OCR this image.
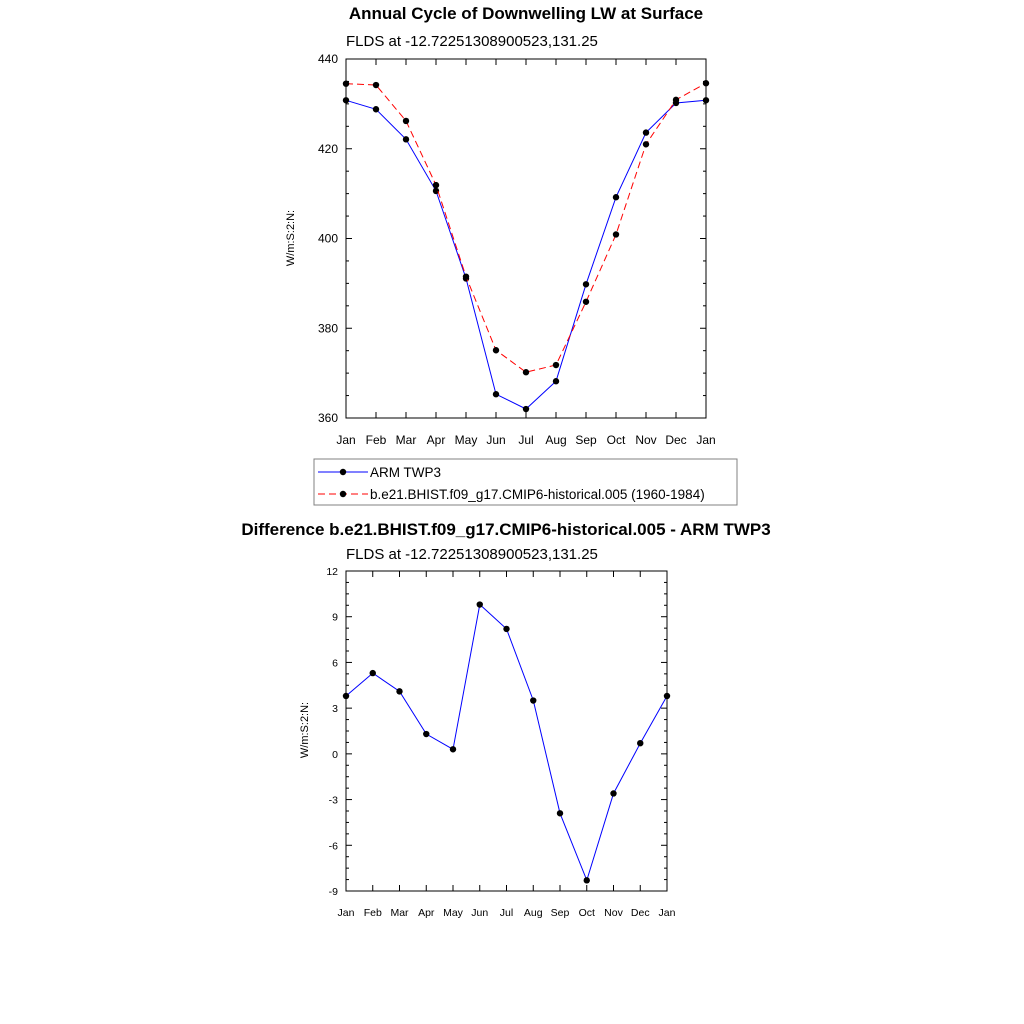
Annual Cycle of Downwelling LW at Surface
FLDS at -12.72251308900523,131.25
W/m:S:2:N:
Difference b.e21.BHIST.f09_g17.CMIP6-historical.005 - ARM TWP3
FLDS at -12.72251308900523,131.25
W/m:S:2:N:
ARM TWP3
b.e21.BHIST.f09_g17.CMIP6-historical.005 (1960-1984)
Jan Feb Mar Apr May Jun Jul Aug Sep Oct Nov Dec Jan
360
380
400
420
440
Jan Feb Mar Apr May Jun Jul Aug Sep Oct Nov Dec Jan
-9
-6
-3
0
3
6
9
12
